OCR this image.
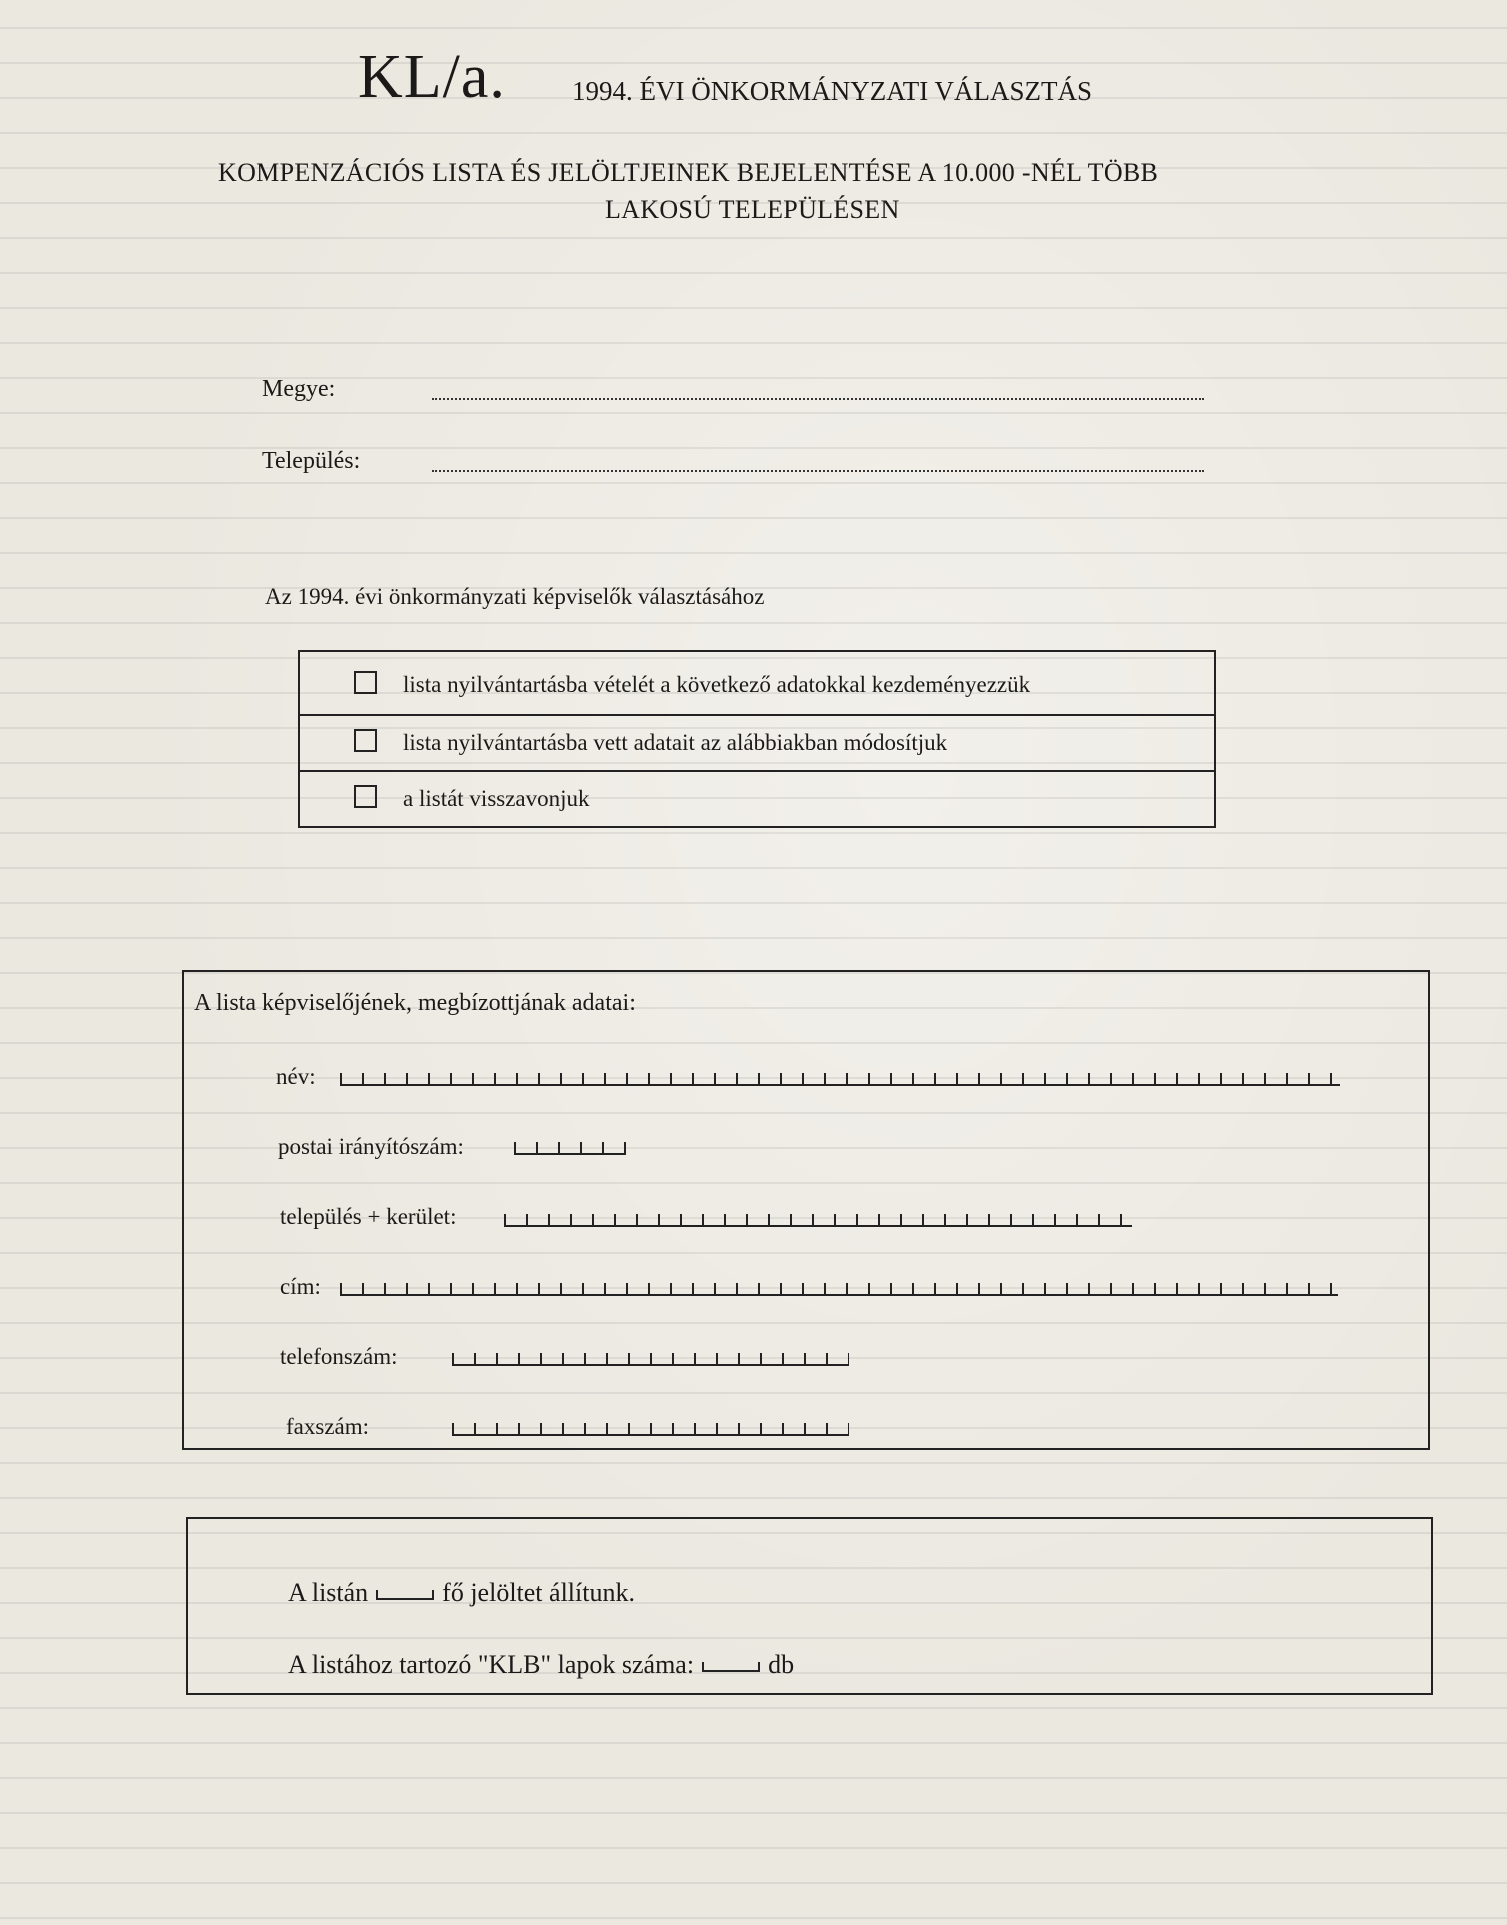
KL/a. 1994. ÉVI ÖNKORMÁNYZATI VÁLASZTÁS
KOMPENZÁCIÓS LISTA ÉS JELÖLTJEINEK BEJELENTÉSE A 10.000 -NÉL TÖBB
LAKOSÚ TELEPÜLÉSEN
Megye:
Település:
Az 1994. évi önkormányzati képviselők választásához
lista nyilvántartásba vételét a következő adatokkal kezdeményezzük
lista nyilvántartásba vett adatait az alábbiakban módosítjuk
a listát visszavonjuk
A lista képviselőjének, megbízottjának adatai:
név:
postai irányítószám:
település + kerület:
cím:
telefonszám:
faxszám:
A listán	fő jelöltet állítunk.
A listához tartozó "KLB" lapok száma:	db
